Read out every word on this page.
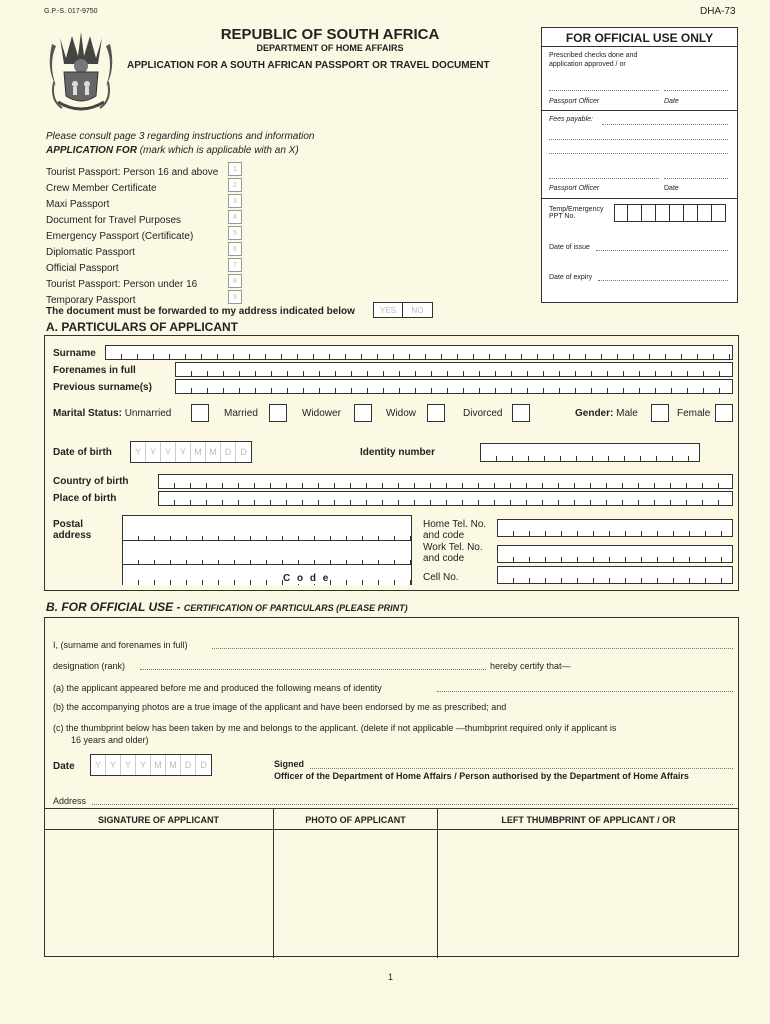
G.P.-S. 017-9750	DHA-73
REPUBLIC OF SOUTH AFRICA
DEPARTMENT OF HOME AFFAIRS
APPLICATION FOR A SOUTH AFRICAN PASSPORT OR TRAVEL DOCUMENT
FOR OFFICIAL USE ONLY
Prescribed checks done and
application approved / or
Passport Officer	Date
Fees payable:
Passport Officer	Date
Temp/Emergency
PPT No.
Date of issue
Date of expiry
Please consult page 3 regarding instructions and information
APPLICATION FOR (mark which is applicable with an X)
Tourist Passport: Person 16 and above	1
Crew Member Certificate	2
Maxi Passport	3
Document for Travel Purposes	4
Emergency Passport (Certificate)	5
Diplomatic Passport	6
Official Passport	7
Tourist Passport: Person under 16	8
Temporary Passport	9
The document must be forwarded to my address indicated below	YES	NO
A. PARTICULARS OF APPLICANT
Surname
Forenames in full
Previous surname(s)
Marital Status: Unmarried	Married	Widower	Widow	Divorced	Gender: Male	Female
Date of birth	Y Y Y Y M M D	D	Identity number
Country of birth
Place of birth
Postal
address
C o d e
Home Tel. No.
and code
Work Tel. No.
and code
Cell No.
B. FOR OFFICIAL USE - CERTIFICATION OF PARTICULARS (PLEASE PRINT)
I, (surname and forenames in full)
designation (rank)	hereby certify that—
(a) the applicant appeared before me and produced the following means of identity
(b) the accompanying photos are a true image of the applicant and have been endorsed by me as prescribed; and
(c) the thumbprint below has been taken by me and belongs to the applicant. (delete if not applicable —thumbprint required only if applicant is
16 years and older)
Date	Y Y Y Y M M D	D	Signed
Officer of the Department of Home Affairs / Person authorised by the Department of Home Affairs
Address
SIGNATURE OF APPLICANT	PHOTO OF APPLICANT	LEFT THUMBPRINT OF APPLICANT / OR
1
